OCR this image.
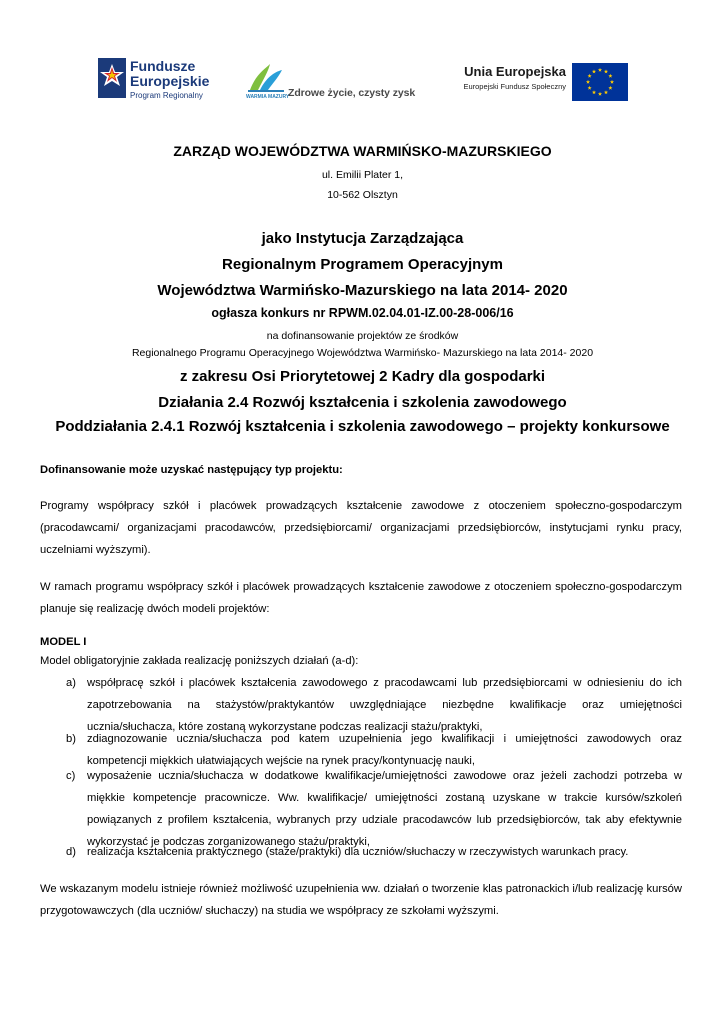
Fundusze
Europejskie
Program Regionalny	WARMIA MAZURY
Zdrowe życie, czysty zysk
Unia Europejska
Europejski Fundusz Społeczny
ZARZĄD WOJEWÓDZTWA WARMIŃSKO-MAZURSKIEGO
ul. Emilii Plater 1,
10-562 Olsztyn
jako Instytucja Zarządzająca
Regionalnym Programem Operacyjnym
Województwa Warmińsko-Mazurskiego na lata 2014- 2020
ogłasza konkurs nr RPWM.02.04.01-IZ.00-28-006/16
na dofinansowanie projektów ze środków
Regionalnego Programu Operacyjnego Województwa Warmińsko- Mazurskiego na lata 2014- 2020
z zakresu Osi Priorytetowej 2 Kadry dla gospodarki
Działania 2.4 Rozwój kształcenia i szkolenia zawodowego
Poddziałania 2.4.1 Rozwój kształcenia i szkolenia zawodowego – projekty konkursowe
Dofinansowanie może uzyskać następujący typ projektu:
Programy współpracy szkół i placówek prowadzących kształcenie zawodowe z otoczeniem społeczno-gospodarczym (pracodawcami/ organizacjami pracodawców, przedsiębiorcami/ organizacjami przedsiębiorców, instytucjami rynku pracy, uczelniami wyższymi).
W ramach programu współpracy szkół i placówek prowadzących kształcenie zawodowe z otoczeniem społeczno-gospodarczym planuje się realizację dwóch modeli projektów:
MODEL I
Model obligatoryjnie zakłada realizację poniższych działań (a-d):
a) współpracę szkół i placówek kształcenia zawodowego z pracodawcami lub przedsiębiorcami w odniesieniu do ich zapotrzebowania na stażystów/praktykantów uwzględniające niezbędne kwalifikacje oraz umiejętności ucznia/słuchacza, które zostaną wykorzystane podczas realizacji stażu/praktyki,
b) zdiagnozowanie ucznia/słuchacza pod katem uzupełnienia jego kwalifikacji i umiejętności zawodowych oraz kompetencji miękkich ułatwiających wejście na rynek pracy/kontynuację nauki,
c)	wyposażenie ucznia/słuchacza w dodatkowe kwalifikacje/umiejętności zawodowe oraz jeżeli zachodzi potrzeba w miękkie kompetencje pracownicze. Ww. kwalifikacje/ umiejętności zostaną uzyskane w trakcie kursów/szkoleń powiązanych z profilem kształcenia, wybranych przy udziale pracodawców lub przedsiębiorców, tak aby efektywnie wykorzystać je podczas zorganizowanego stażu/praktyki,
d) realizacja kształcenia praktycznego (staże/praktyki) dla uczniów/słuchaczy w rzeczywistych warunkach pracy.
We wskazanym modelu istnieje również możliwość uzupełnienia ww. działań o tworzenie klas patronackich i/lub realizację kursów przygotowawczych (dla uczniów/ słuchaczy) na studia we współpracy ze szkołami wyższymi.
